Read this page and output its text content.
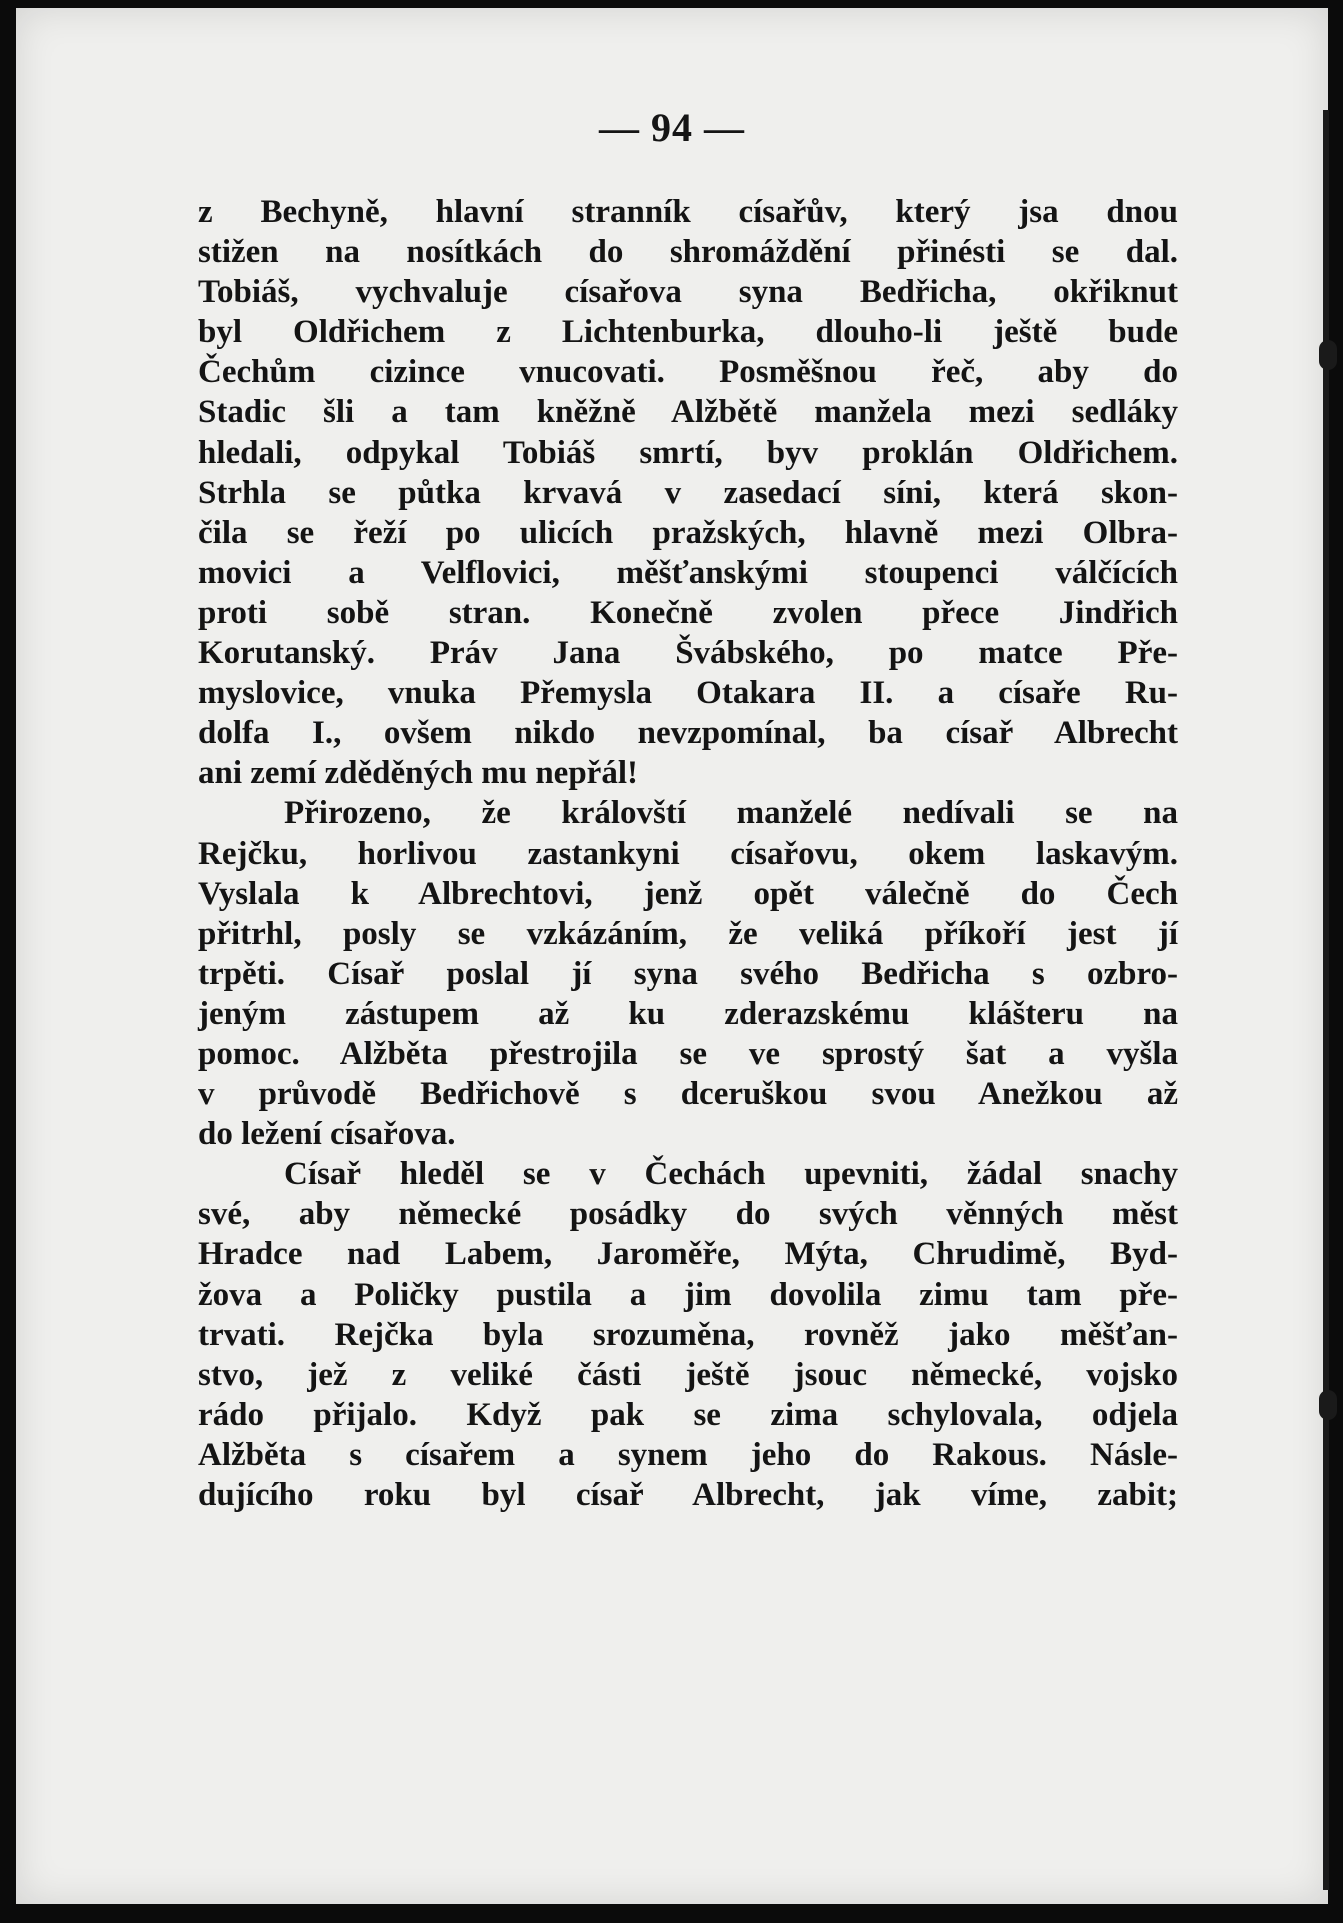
— 94 —
z Bechyně, hlavní stranník císařův, který jsa dnou
stižen na nosítkách do shromáždění přinésti se dal.
Tobiáš, vychvaluje císařova syna Bedřicha, okřiknut
byl Oldřichem z Lichtenburka, dlouho-li ještě bude
Čechům cizince vnucovati. Posměšnou řeč, aby do
Stadic šli a tam kněžně Alžbětě manžela mezi sedláky
hledali, odpykal Tobiáš smrtí, byv proklán Oldřichem.
Strhla se půtka krvavá v zasedací síni, která skon-
čila se řeží po ulicích pražských, hlavně mezi Olbra-
movici a Velflovici, měšťanskými stoupenci válčících
proti sobě stran. Konečně zvolen přece Jindřich
Korutanský. Práv Jana Švábského, po matce Pře-
myslovice, vnuka Přemysla Otakara II. a císaře Ru-
dolfa I., ovšem nikdo nevzpomínal, ba císař Albrecht
ani zemí zděděných mu nepřál!
Přirozeno, že královští manželé nedívali se na
Rejčku, horlivou zastankyni císařovu, okem laskavým.
Vyslala k Albrechtovi, jenž opět válečně do Čech
přitrhl, posly se vzkázáním, že veliká příkoří jest jí
trpěti. Císař poslal jí syna svého Bedřicha s ozbro-
jeným zástupem až ku zderazskému klášteru na
pomoc. Alžběta přestrojila se ve sprostý šat a vyšla
v průvodě Bedřichově s dceruškou svou Anežkou až
do ležení císařova.
Císař hleděl se v Čechách upevniti, žádal snachy
své, aby německé posádky do svých věnných měst
Hradce nad Labem, Jaroměře, Mýta, Chrudimě, Byd-
žova a Poličky pustila a jim dovolila zimu tam pře-
trvati. Rejčka byla srozuměna, rovněž jako měšťan-
stvo, jež z veliké části ještě jsouc německé, vojsko
rádo přijalo. Když pak se zima schylovala, odjela
Alžběta s císařem a synem jeho do Rakous. Násle-
dujícího roku byl císař Albrecht, jak víme, zabit;
